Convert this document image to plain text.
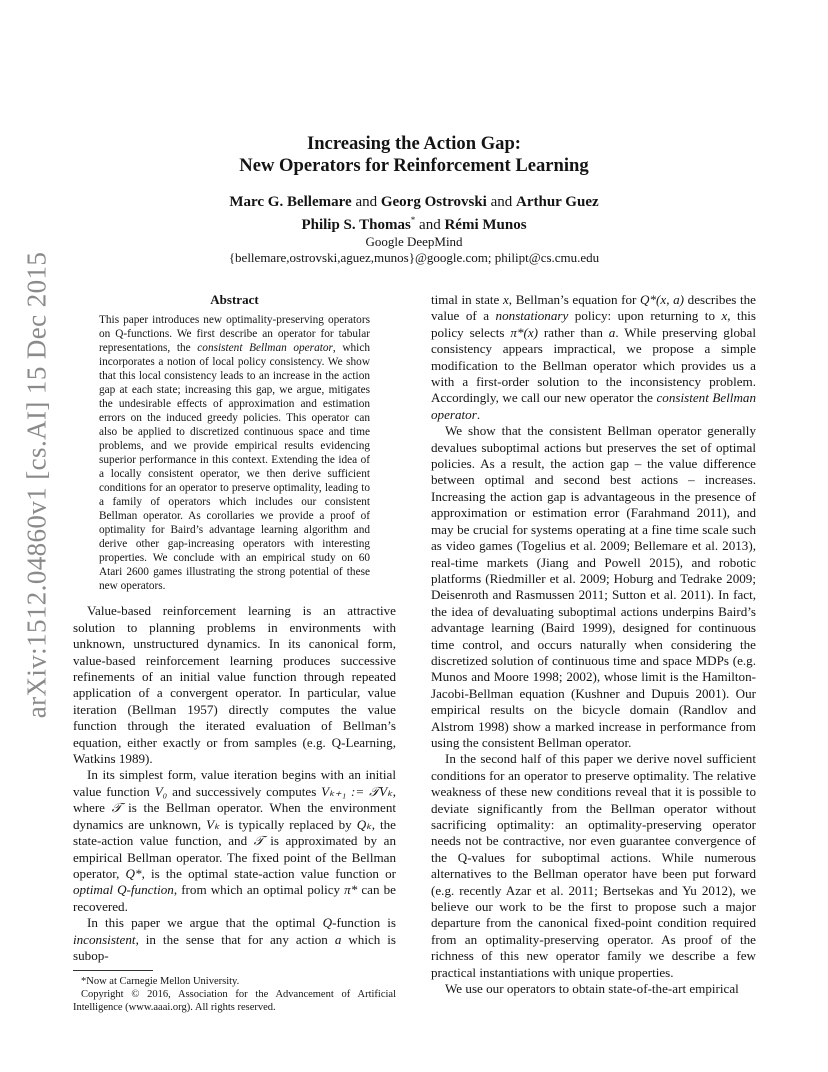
arXiv:1512.04860v1 [cs.AI] 15 Dec 2015
Increasing the Action Gap:
New Operators for Reinforcement Learning
Marc G. Bellemare and Georg Ostrovski and Arthur Guez
Philip S. Thomas* and Rémi Munos
Google DeepMind
{bellemare,ostrovski,aguez,munos}@google.com; philipt@cs.cmu.edu
Abstract
This paper introduces new optimality-preserving operators on Q-functions. We first describe an operator for tabular representations, the consistent Bellman operator, which incorporates a notion of local policy consistency. We show that this local consistency leads to an increase in the action gap at each state; increasing this gap, we argue, mitigates the undesirable effects of approximation and estimation errors on the induced greedy policies. This operator can also be applied to discretized continuous space and time problems, and we provide empirical results evidencing superior performance in this context. Extending the idea of a locally consistent operator, we then derive sufficient conditions for an operator to preserve optimality, leading to a family of operators which includes our consistent Bellman operator. As corollaries we provide a proof of optimality for Baird’s advantage learning algorithm and derive other gap-increasing operators with interesting properties. We conclude with an empirical study on 60 Atari 2600 games illustrating the strong potential of these new operators.

Value-based reinforcement learning is an attractive solution to planning problems in environments with unknown, unstructured dynamics. In its canonical form, value-based reinforcement learning produces successive refinements of an initial value function through repeated application of a convergent operator. In particular, value iteration (Bellman 1957) directly computes the value function through the iterated evaluation of Bellman’s equation, either exactly or from samples (e.g. Q-Learning, Watkins 1989).

In its simplest form, value iteration begins with an initial value function V₀ and successively computes Vₖ₊₁ := 𝒯Vₖ, where 𝒯 is the Bellman operator. When the environment dynamics are unknown, Vₖ is typically replaced by Qₖ, the state-action value function, and 𝒯 is approximated by an empirical Bellman operator. The fixed point of the Bellman operator, Q*, is the optimal state-action value function or optimal Q-function, from which an optimal policy π* can be recovered.

In this paper we argue that the optimal Q-function is inconsistent, in the sense that for any action a which is subop-

*Now at Carnegie Mellon University.

Copyright © 2016, Association for the Advancement of Artificial Intelligence (www.aaai.org). All rights reserved.

timal in state x, Bellman’s equation for Q*(x, a) describes the value of a nonstationary policy: upon returning to x, this policy selects π*(x) rather than a. While preserving global consistency appears impractical, we propose a simple modification to the Bellman operator which provides us a with a first-order solution to the inconsistency problem. Accordingly, we call our new operator the consistent Bellman operator.

We show that the consistent Bellman operator generally devalues suboptimal actions but preserves the set of optimal policies. As a result, the action gap – the value difference between optimal and second best actions – increases. Increasing the action gap is advantageous in the presence of approximation or estimation error (Farahmand 2011), and may be crucial for systems operating at a fine time scale such as video games (Togelius et al. 2009; Bellemare et al. 2013), real-time markets (Jiang and Powell 2015), and robotic platforms (Riedmiller et al. 2009; Hoburg and Tedrake 2009; Deisenroth and Rasmussen 2011; Sutton et al. 2011). In fact, the idea of devaluating suboptimal actions underpins Baird’s advantage learning (Baird 1999), designed for continuous time control, and occurs naturally when considering the discretized solution of continuous time and space MDPs (e.g. Munos and Moore 1998; 2002), whose limit is the Hamilton-Jacobi-Bellman equation (Kushner and Dupuis 2001). Our empirical results on the bicycle domain (Randlov and Alstrom 1998) show a marked increase in performance from using the consistent Bellman operator.

In the second half of this paper we derive novel sufficient conditions for an operator to preserve optimality. The relative weakness of these new conditions reveal that it is possible to deviate significantly from the Bellman operator without sacrificing optimality: an optimality-preserving operator needs not be contractive, nor even guarantee convergence of the Q-values for suboptimal actions. While numerous alternatives to the Bellman operator have been put forward (e.g. recently Azar et al. 2011; Bertsekas and Yu 2012), we believe our work to be the first to propose such a major departure from the canonical fixed-point condition required from an optimality-preserving operator. As proof of the richness of this new operator family we describe a few practical instantiations with unique properties.

We use our operators to obtain state-of-the-art empirical
